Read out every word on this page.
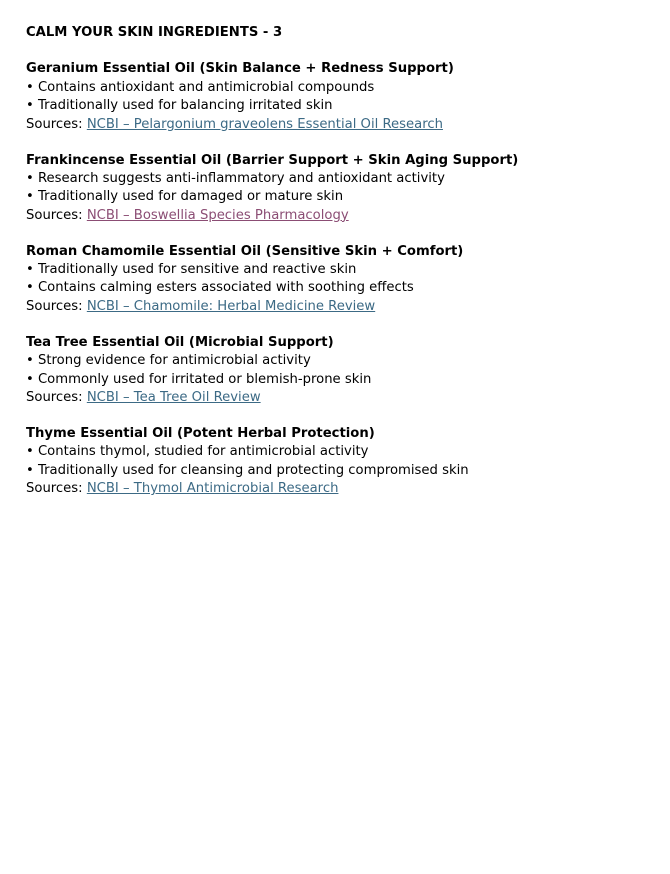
CALM YOUR SKIN INGREDIENTS - 3
Geranium Essential Oil (Skin Balance + Redness Support)
• Contains antioxidant and antimicrobial compounds
• Traditionally used for balancing irritated skin
Sources: NCBI – Pelargonium graveolens Essential Oil Research
Frankincense Essential Oil (Barrier Support + Skin Aging Support)
• Research suggests anti-inflammatory and antioxidant activity
• Traditionally used for damaged or mature skin
Sources: NCBI – Boswellia Species Pharmacology
Roman Chamomile Essential Oil (Sensitive Skin + Comfort)
• Traditionally used for sensitive and reactive skin
• Contains calming esters associated with soothing effects
Sources: NCBI – Chamomile: Herbal Medicine Review
Tea Tree Essential Oil (Microbial Support)
• Strong evidence for antimicrobial activity
• Commonly used for irritated or blemish-prone skin
Sources: NCBI – Tea Tree Oil Review
Thyme Essential Oil (Potent Herbal Protection)
• Contains thymol, studied for antimicrobial activity
• Traditionally used for cleansing and protecting compromised skin
Sources: NCBI – Thymol Antimicrobial Research
